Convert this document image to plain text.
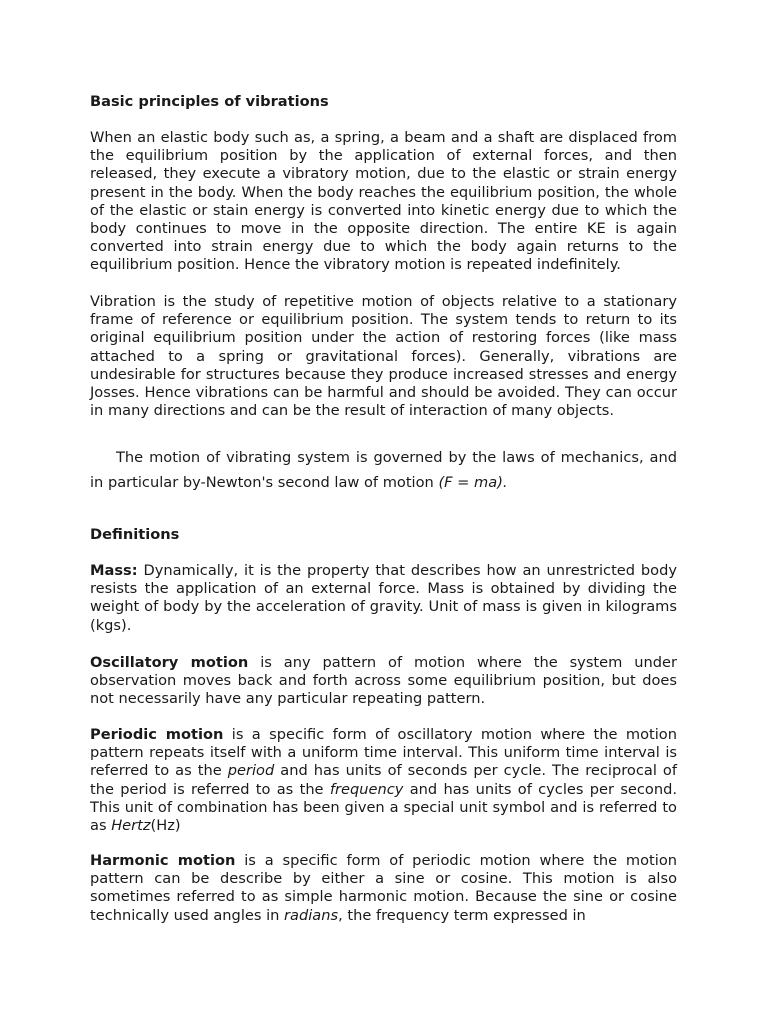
Basic principles of vibrations

When an elastic body such as, a spring, a beam and a shaft are displaced from the equilibrium position by the application of external forces, and then released, they execute a vibratory motion, due to the elastic or strain energy present in the body. When the body reaches the equilibrium position, the whole of the elastic or stain energy is converted into kinetic energy due to which the body continues to move in the opposite direction. The entire KE is again converted into strain energy due to which the body again returns to the equilibrium position. Hence the vibratory motion is repeated indefinitely.

Vibration is the study of repetitive motion of objects relative to a stationary frame of reference or equilibrium position. The system tends to return to its original equilibrium position under the action of restoring forces (like mass attached to a spring or gravitational forces). Generally, vibrations are undesirable for structures because they produce increased stresses and energy Josses. Hence vibrations can be harmful and should be avoided. They can occur in many directions and can be the result of interaction of many objects.

The motion of vibrating system is governed by the laws of mechanics, and in particular by-Newton's second law of motion (F = ma).

Definitions

Mass: Dynamically, it is the property that describes how an unrestricted body resists the application of an external force. Mass is obtained by dividing the weight of body by the acceleration of gravity. Unit of mass is given in kilograms (kgs).

Oscillatory motion is any pattern of motion where the system under observation moves back and forth across some equilibrium position, but does not necessarily have any particular repeating pattern.

Periodic motion is a specific form of oscillatory motion where the motion pattern repeats itself with a uniform time interval. This uniform time interval is referred to as the period and has units of seconds per cycle. The reciprocal of the period is referred to as the frequency and has units of cycles per second. This unit of combination has been given a special unit symbol and is referred to as Hertz(Hz)

Harmonic motion is a specific form of periodic motion where the motion pattern can be describe by either a sine or cosine. This motion is also sometimes referred to as simple harmonic motion. Because the sine or cosine technically used angles in radians, the frequency term expressed in
